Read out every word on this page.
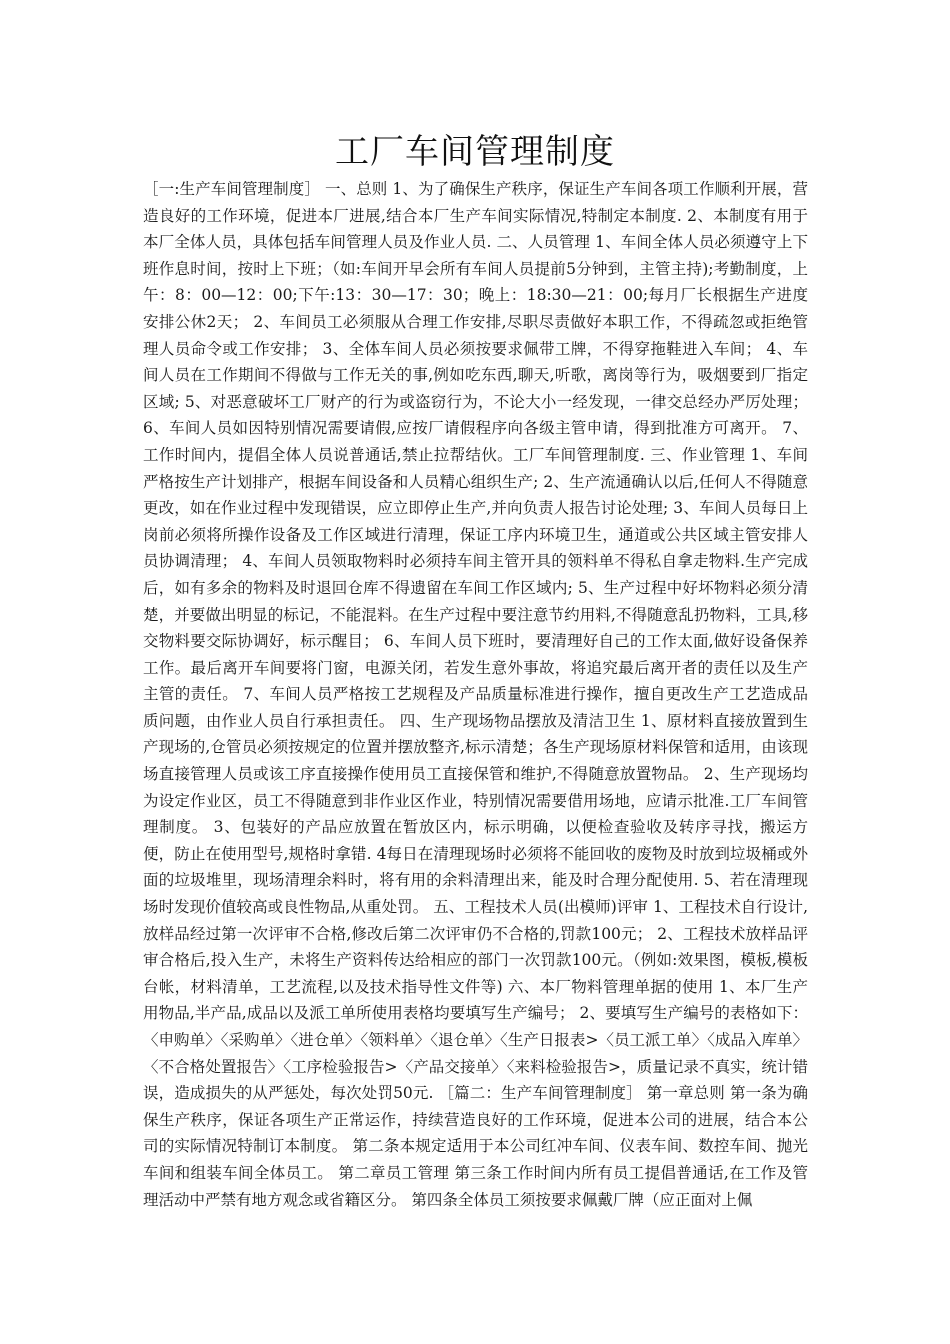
工厂车间管理制度

［一:生产车间管理制度］ 一、总则 1、为了确保生产秩序，保证生产车间各项工作顺利开展，营造良好的工作环境，促进本厂进展,结合本厂生产车间实际情况,特制定本制度. 2、本制度有用于本厂全体人员，具体包括车间管理人员及作业人员. 二、人员管理 1、车间全体人员必须遵守上下班作息时间，按时上下班；（如:车间开早会所有车间人员提前5分钟到，主管主持);考勤制度，上午：8：00—12：00;下午:13：30—17：30；晚上：18:30—21：00;每月厂长根据生产进度安排公休2天； 2、车间员工必须服从合理工作安排,尽职尽责做好本职工作，不得疏忽或拒绝管理人员命令或工作安排； 3、全体车间人员必须按要求佩带工牌，不得穿拖鞋进入车间； 4、车间人员在工作期间不得做与工作无关的事,例如吃东西,聊天,听歌，离岗等行为，吸烟要到厂指定区域; 5、对恶意破坏工厂财产的行为或盗窃行为，不论大小一经发现，一律交总经办严厉处理； 6、车间人员如因特别情况需要请假,应按厂请假程序向各级主管申请，得到批准方可离开。 7、工作时间内，提倡全体人员说普通话,禁止拉帮结伙。工厂车间管理制度. 三、作业管理 1、车间严格按生产计划排产，根据车间设备和人员精心组织生产; 2、生产流通确认以后,任何人不得随意更改，如在作业过程中发现错误，应立即停止生产,并向负责人报告讨论处理; 3、车间人员每日上岗前必须将所操作设备及工作区域进行清理，保证工序内环境卫生，通道或公共区域主管安排人员协调清理； 4、车间人员领取物料时必须持车间主管开具的领料单不得私自拿走物料.生产完成后，如有多余的物料及时退回仓库不得遗留在车间工作区域内; 5、生产过程中好坏物料必须分清楚，并要做出明显的标记，不能混料。在生产过程中要注意节约用料,不得随意乱扔物料，工具,移交物料要交际协调好，标示醒目； 6、车间人员下班时，要清理好自己的工作太面,做好设备保养工作。最后离开车间要将门窗，电源关闭，若发生意外事故，将追究最后离开者的责任以及生产主管的责任。 7、车间人员严格按工艺规程及产品质量标准进行操作，擅自更改生产工艺造成品质问题，由作业人员自行承担责任。 四、生产现场物品摆放及清洁卫生 1、原材料直接放置到生产现场的,仓管员必须按规定的位置并摆放整齐,标示清楚；各生产现场原材料保管和适用，由该现场直接管理人员或该工序直接操作使用员工直接保管和维护,不得随意放置物品。 2、生产现场均为设定作业区，员工不得随意到非作业区作业，特别情况需要借用场地，应请示批准.工厂车间管理制度。 3、包装好的产品应放置在暂放区内，标示明确，以便检查验收及转序寻找，搬运方便，防止在使用型号,规格时拿错. 4每日在清理现场时必须将不能回收的废物及时放到垃圾桶或外面的垃圾堆里，现场清理余料时，将有用的余料清理出来，能及时合理分配使用. 5、若在清理现场时发现价值较高或良性物品,从重处罚。 五、工程技术人员(出模师)评审 1、工程技术自行设计,放样品经过第一次评审不合格,修改后第二次评审仍不合格的,罚款100元； 2、工程技术放样品评审合格后,投入生产，未将生产资料传达给相应的部门一次罚款100元。（例如:效果图，模板,模板台帐，材料清单，工艺流程,以及技术指导性文件等) 六、本厂物料管理单据的使用 1、本厂生产用物品,半产品,成品以及派工单所使用表格均要填写生产编号； 2、要填写生产编号的表格如下： 〈申购单〉〈采购单〉〈进仓单〉〈领料单〉〈退仓单〉〈生产日报表>〈员工派工单〉〈成品入库单〉〈不合格处置报告〉〈工序检验报告>〈产品交接单〉〈来料检验报告>，质量记录不真实，统计错误，造成损失的从严惩处，每次处罚50元. ［篇二：生产车间管理制度］ 第一章总则 第一条为确保生产秩序，保证各项生产正常运作，持续营造良好的工作环境，促进本公司的进展，结合本公司的实际情况特制订本制度。 第二条本规定适用于本公司红冲车间、仪表车间、数控车间、抛光车间和组装车间全体员工。 第二章员工管理 第三条工作时间内所有员工提倡普通话,在工作及管理活动中严禁有地方观念或省籍区分。 第四条全体员工须按要求佩戴厂牌（应正面对上佩
